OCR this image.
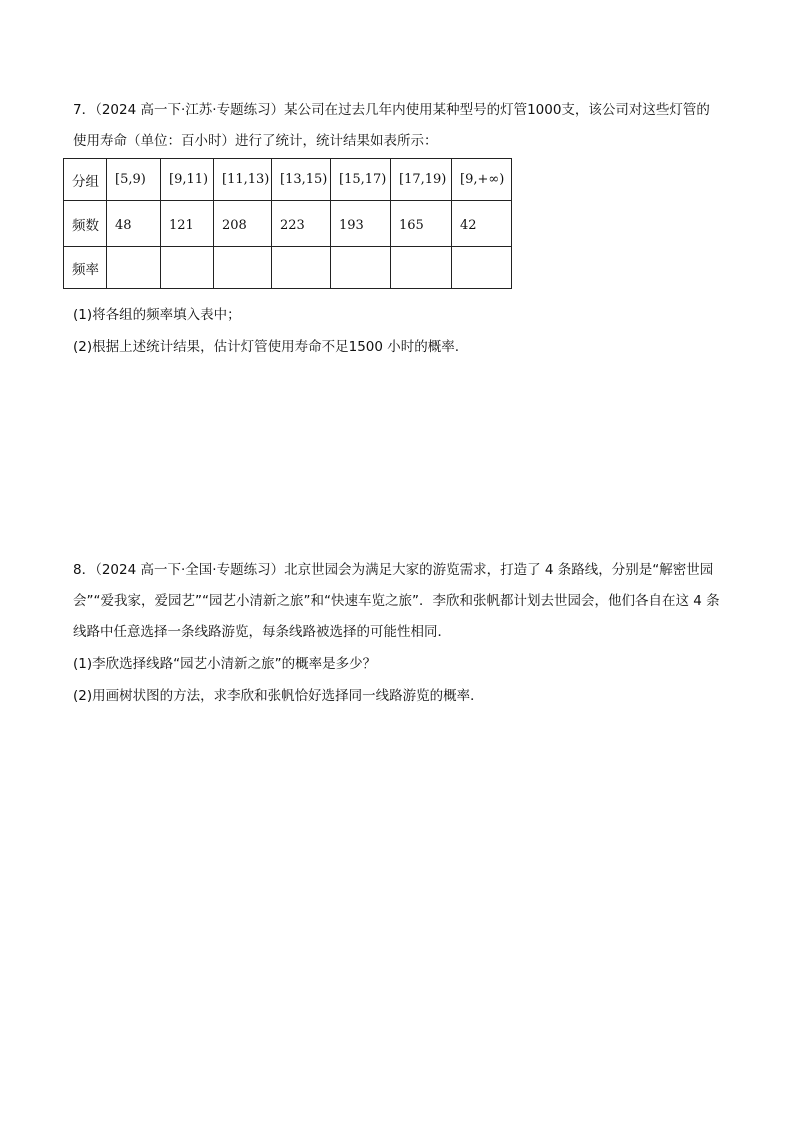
7．（2024 高一下·江苏·专题练习）某公司在过去几年内使用某种型号的灯管1000支，该公司对这些灯管的
使用寿命（单位：百小时）进行了统计，统计结果如表所示：
分组	[5,9)	[9,11)	[11,13)	[13,15)	[15,17)	[17,19)	[9,+∞)
频数	48	121	208	223	193	165	42
频率							
(1)将各组的频率填入表中；
(2)根据上述统计结果，估计灯管使用寿命不足1500 小时的概率.
8．（2024 高一下·全国·专题练习）北京世园会为满足大家的游览需求，打造了 4 条路线，分别是“解密世园
会”“爱我家，爱园艺”“园艺小清新之旅”和“快速车览之旅”．李欣和张帆都计划去世园会，他们各自在这 4 条
线路中任意选择一条线路游览，每条线路被选择的可能性相同．
(1)李欣选择线路“园艺小清新之旅”的概率是多少？
(2)用画树状图的方法，求李欣和张帆恰好选择同一线路游览的概率．
